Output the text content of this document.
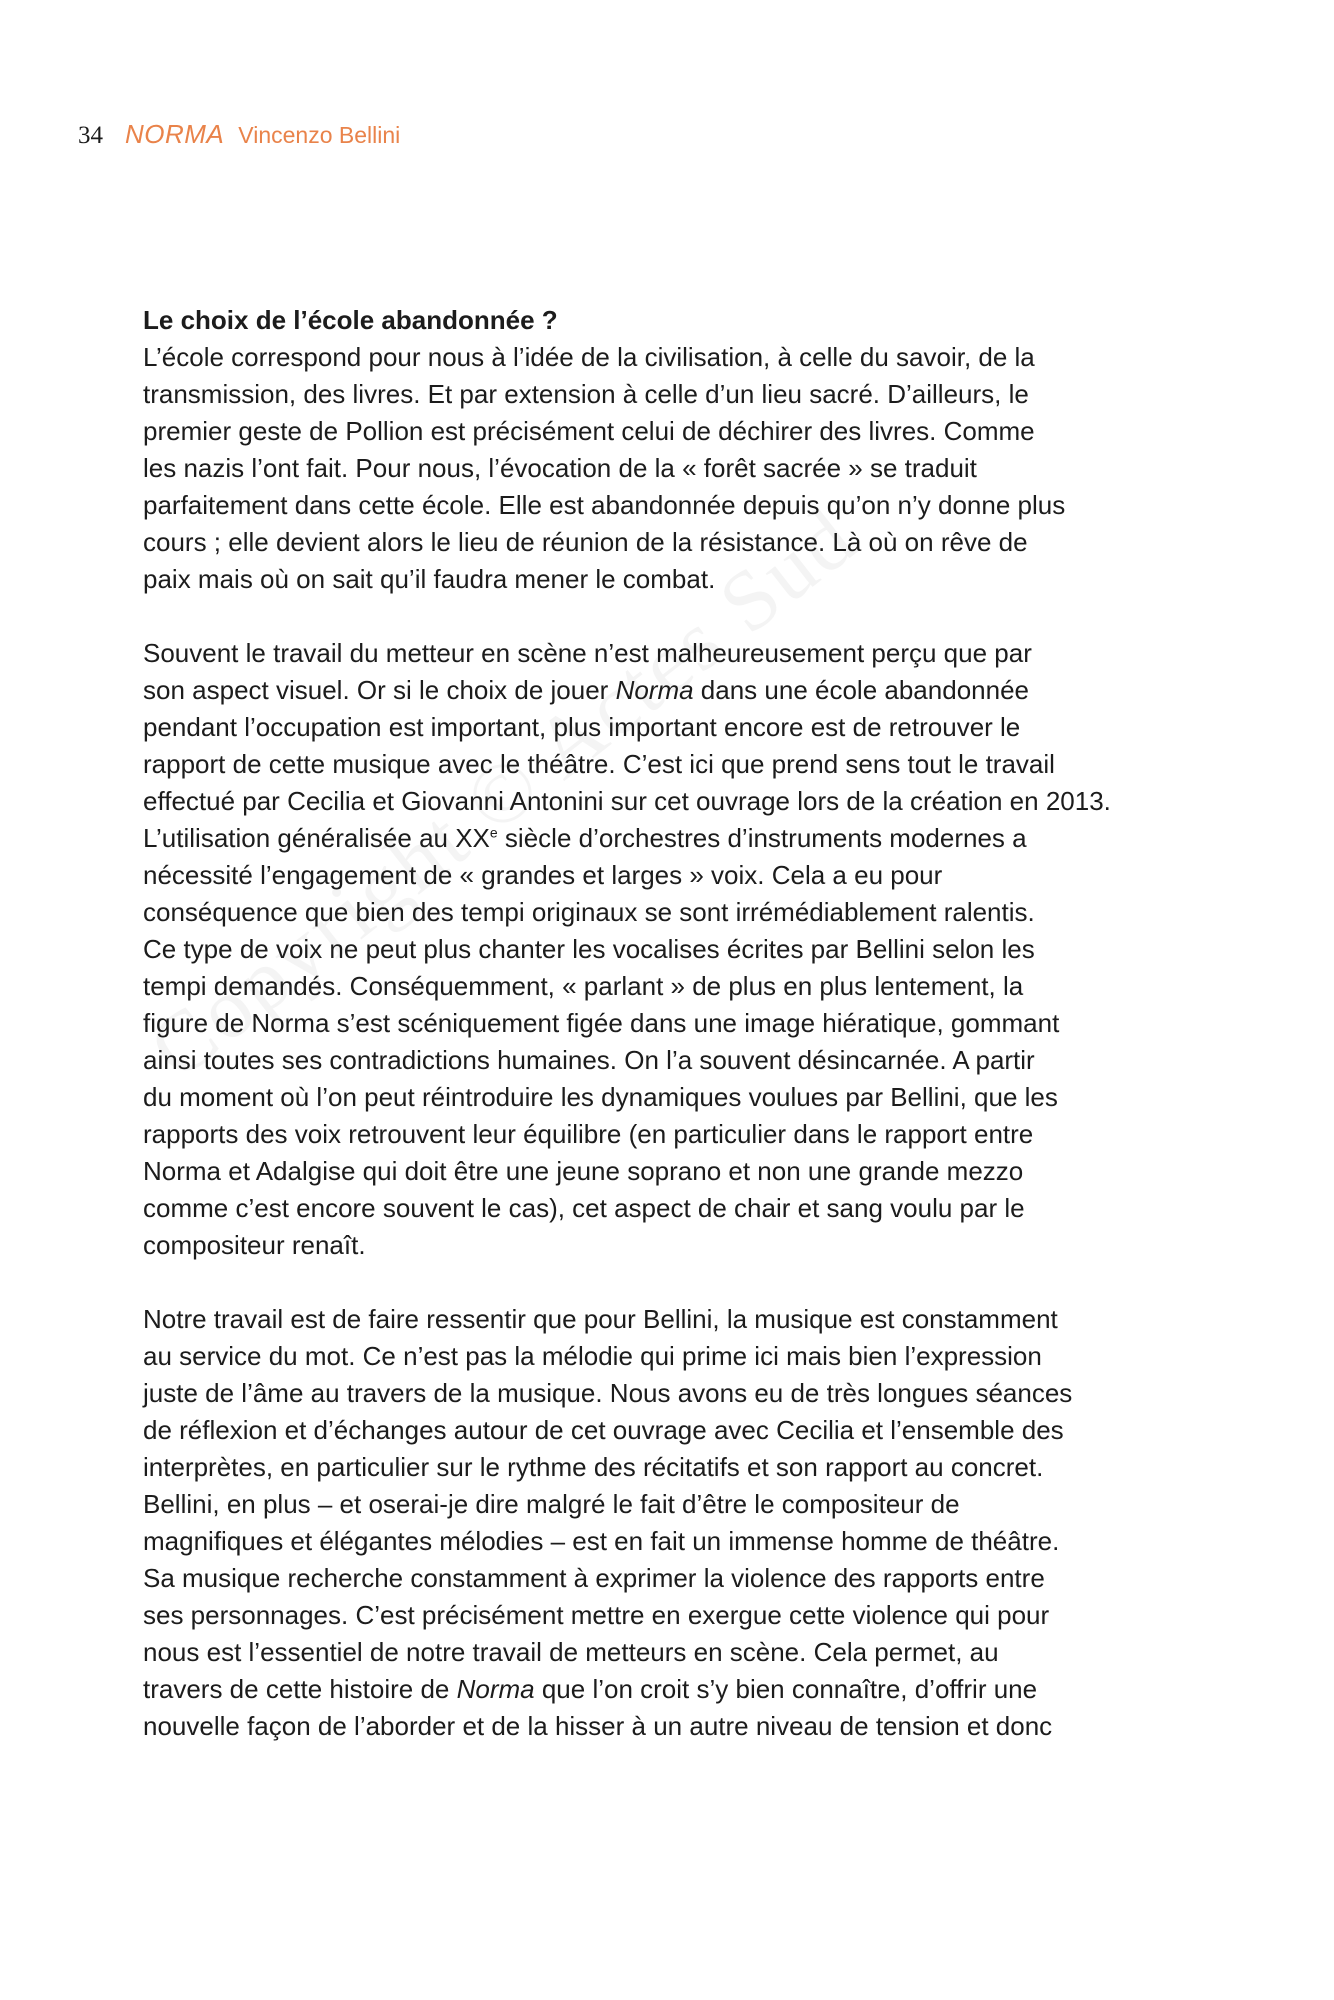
34 NORMA Vincenzo Bellini
Le choix de l’école abandonnée ?
L’école correspond pour nous à l’idée de la civilisation, à celle du savoir, de la
transmission, des livres. Et par extension à celle d’un lieu sacré. D’ailleurs, le
premier geste de Pollion est précisément celui de déchirer des livres. Comme
les nazis l’ont fait. Pour nous, l’évocation de la « forêt sacrée » se traduit
parfaitement dans cette école. Elle est abandonnée depuis qu’on n’y donne plus
cours ; elle devient alors le lieu de réunion de la résistance. Là où on rêve de
paix mais où on sait qu’il faudra mener le combat.
Souvent le travail du metteur en scène n’est malheureusement perçu que par
son aspect visuel. Or si le choix de jouer Norma dans une école abandonnée
pendant l’occupation est important, plus important encore est de retrouver le
rapport de cette musique avec le théâtre. C’est ici que prend sens tout le travail
effectué par Cecilia et Giovanni Antonini sur cet ouvrage lors de la création en 2013.
L’utilisation généralisée au XXe siècle d’orchestres d’instruments modernes a
nécessité l’engagement de « grandes et larges » voix. Cela a eu pour
conséquence que bien des tempi originaux se sont irrémédiablement ralentis.
Ce type de voix ne peut plus chanter les vocalises écrites par Bellini selon les
tempi demandés. Conséquemment, « parlant » de plus en plus lentement, la
figure de Norma s’est scéniquement figée dans une image hiératique, gommant
ainsi toutes ses contradictions humaines. On l’a souvent désincarnée. A partir
du moment où l’on peut réintroduire les dynamiques voulues par Bellini, que les
rapports des voix retrouvent leur équilibre (en particulier dans le rapport entre
Norma et Adalgise qui doit être une jeune soprano et non une grande mezzo
comme c’est encore souvent le cas), cet aspect de chair et sang voulu par le
compositeur renaît.
Notre travail est de faire ressentir que pour Bellini, la musique est constamment
au service du mot. Ce n’est pas la mélodie qui prime ici mais bien l’expression
juste de l’âme au travers de la musique. Nous avons eu de très longues séances
de réflexion et d’échanges autour de cet ouvrage avec Cecilia et l’ensemble des
interprètes, en particulier sur le rythme des récitatifs et son rapport au concret.
Bellini, en plus – et oserai-je dire malgré le fait d’être le compositeur de
magnifiques et élégantes mélodies – est en fait un immense homme de théâtre.
Sa musique recherche constamment à exprimer la violence des rapports entre
ses personnages. C’est précisément mettre en exergue cette violence qui pour
nous est l’essentiel de notre travail de metteurs en scène. Cela permet, au
travers de cette histoire de Norma que l’on croit s’y bien connaître, d’offrir une
nouvelle façon de l’aborder et de la hisser à un autre niveau de tension et donc
